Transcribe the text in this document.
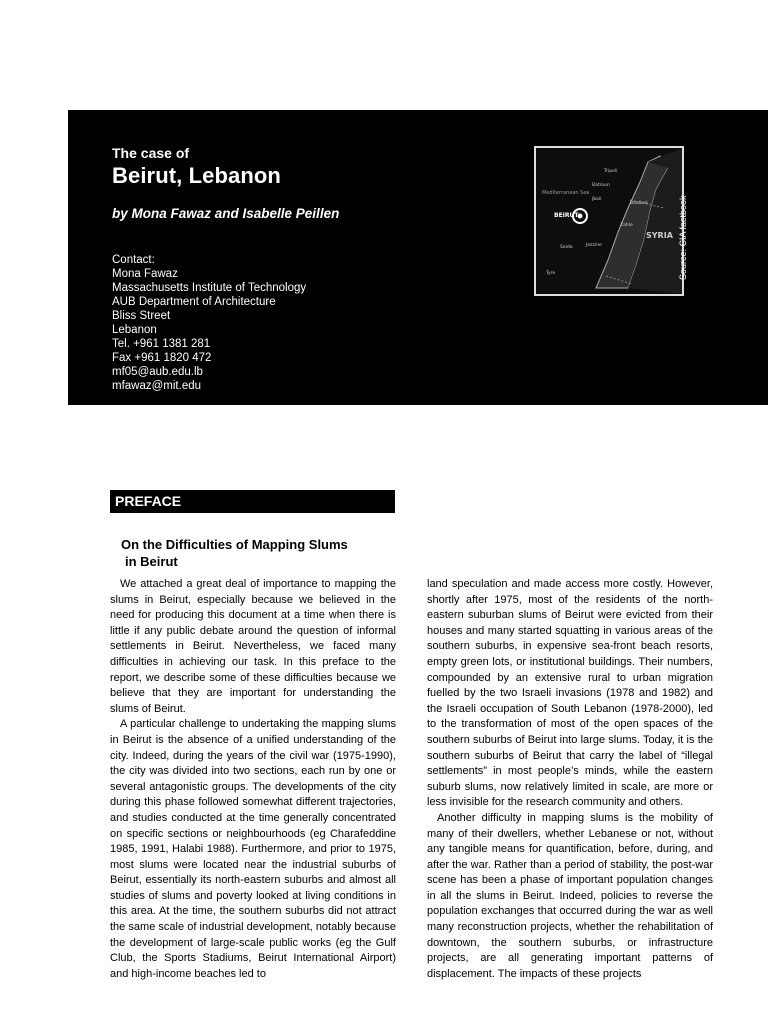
The case of
Beirut, Lebanon
by Mona Fawaz and Isabelle Peillen
Contact:
Mona Fawaz
Massachusetts Institute of Technology
AUB Department of Architecture
Bliss Street
Lebanon
Tel. +961 1381 281
Fax +961 1820 472
mf05@aub.edu.lb
mfawaz@mit.edu
Mediterranean Sea
BEIRUT
SYRIA
Tripoli
Batroun
Jbail
Baalbek
Zahle
Saida	Jezzine
Tyre	Source: CIA factbook
PREFACE
On the Difficulties of Mapping Slums
in Beirut

We attached a great deal of importance to mapping the slums in Beirut, especially because we believed in the need for producing this document at a time when there is little if any public debate around the question of informal settlements in Beirut. Nevertheless, we faced many difficulties in achieving our task. In this preface to the report, we describe some of these difficulties because we believe that they are important for understanding the slums of Beirut.

A particular challenge to undertaking the mapping slums in Beirut is the absence of a unified understanding of the city. Indeed, during the years of the civil war (1975-1990), the city was divided into two sections, each run by one or several antagonistic groups. The developments of the city during this phase followed somewhat different trajectories, and studies conducted at the time generally concentrated on specific sections or neighbourhoods (eg Charafeddine 1985, 1991, Halabi 1988). Furthermore, and prior to 1975, most slums were located near the industrial suburbs of Beirut, essentially its north-eastern suburbs and almost all studies of slums and poverty looked at living conditions in this area. At the time, the southern suburbs did not attract the same scale of industrial development, notably because the development of large-scale public works (eg the Gulf Club, the Sports Stadiums, Beirut International Airport) and high-income beaches led to

land speculation and made access more costly. However, shortly after 1975, most of the residents of the north-eastern suburban slums of Beirut were evicted from their houses and many started squatting in various areas of the southern suburbs, in expensive sea-front beach resorts, empty green lots, or institutional buildings. Their numbers, compounded by an extensive rural to urban migration fuelled by the two Israeli invasions (1978 and 1982) and the Israeli occupation of South Lebanon (1978-2000), led to the transformation of most of the open spaces of the southern suburbs of Beirut into large slums. Today, it is the southern suburbs of Beirut that carry the label of “illegal settlements” in most people’s minds, while the eastern suburb slums, now relatively limited in scale, are more or less invisible for the research community and others.

Another difficulty in mapping slums is the mobility of many of their dwellers, whether Lebanese or not, without any tangible means for quantification, before, during, and after the war. Rather than a period of stability, the post-war scene has been a phase of important population changes in all the slums in Beirut. Indeed, policies to reverse the population exchanges that occurred during the war as well many reconstruction projects, whether the rehabilitation of downtown, the southern suburbs, or infrastructure projects, are all generating important patterns of displacement. The impacts of these projects
